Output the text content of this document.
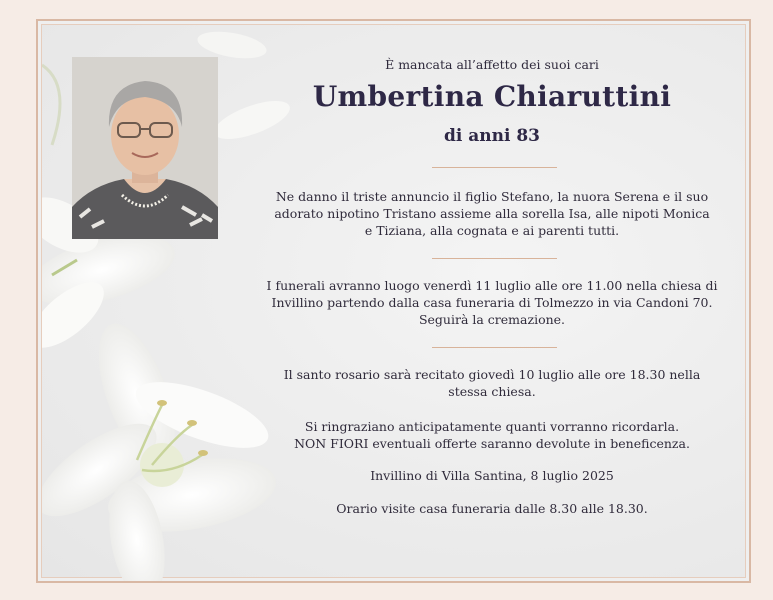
È mancata all’affetto dei suoi cari
Umbertina Chiaruttini
di anni 83
Ne danno il triste annuncio il figlio Stefano, la nuora Serena e il suo
adorato nipotino Tristano assieme alla sorella Isa, alle nipoti Monica
e Tiziana, alla cognata e ai parenti tutti.
I funerali avranno luogo venerdì 11 luglio alle ore 11.00 nella chiesa di
Invillino partendo dalla casa funeraria di Tolmezzo in via Candoni 70.
Seguirà la cremazione.
Il santo rosario sarà recitato giovedì 10 luglio alle ore 18.30 nella
stessa chiesa.
Si ringraziano anticipatamente quanti vorranno ricordarla.
NON FIORI eventuali offerte saranno devolute in beneficenza.
Invillino di Villa Santina, 8 luglio 2025
Orario visite casa funeraria dalle 8.30 alle 18.30.
